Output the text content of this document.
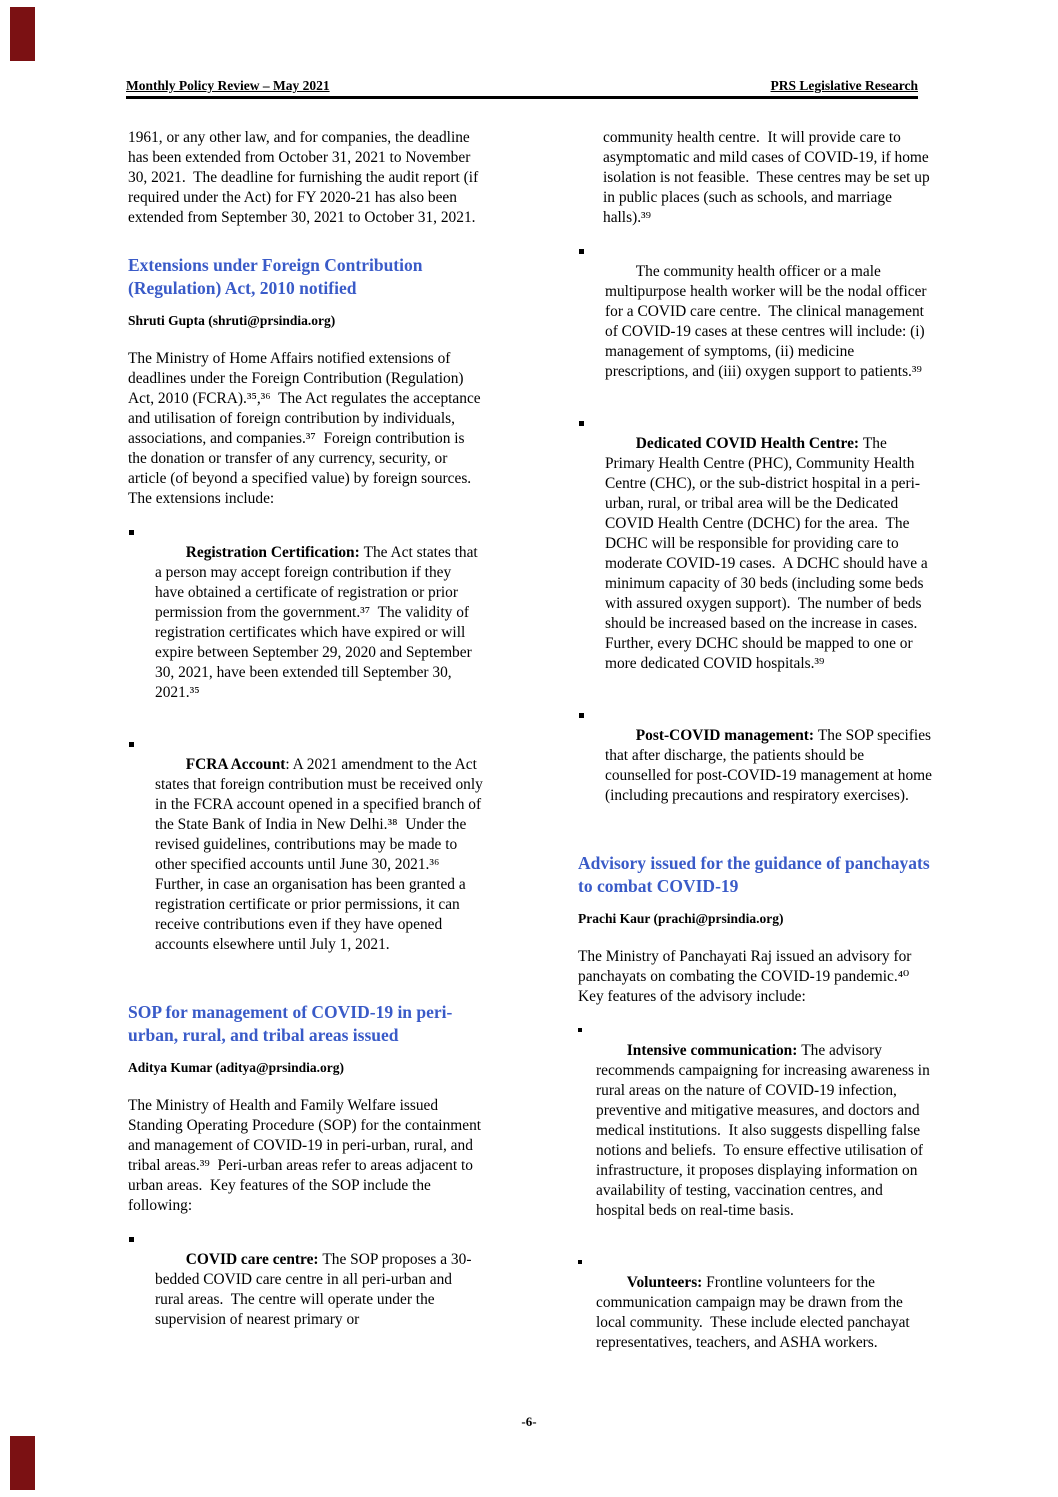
Monthly Policy Review – May 2021	PRS Legislative Research

1961, or any other law, and for companies, the deadline has been extended from October 31, 2021 to November 30, 2021.  The deadline for furnishing the audit report (if required under the Act) for FY 2020-21 has also been extended from September 30, 2021 to October 31, 2021.

Extensions under Foreign Contribution (Regulation) Act, 2010 notified

Shruti Gupta (shruti@prsindia.org)

The Ministry of Home Affairs notified extensions of deadlines under the Foreign Contribution (Regulation) Act, 2010 (FCRA).³⁵,³⁶  The Act regulates the acceptance and utilisation of foreign contribution by individuals, associations, and companies.³⁷  Foreign contribution is the donation or transfer of any currency, security, or article (of beyond a specified value) by foreign sources.  The extensions include:

Registration Certification: The Act states that a person may accept foreign contribution if they have obtained a certificate of registration or prior permission from the government.³⁷  The validity of registration certificates which have expired or will expire between September 29, 2020 and September 30, 2021, have been extended till September 30, 2021.³⁵

FCRA Account: A 2021 amendment to the Act states that foreign contribution must be received only in the FCRA account opened in a specified branch of the State Bank of India in New Delhi.³⁸  Under the revised guidelines, contributions may be made to other specified accounts until June 30, 2021.³⁶  Further, in case an organisation has been granted a registration certificate or prior permissions, it can receive contributions even if they have opened accounts elsewhere until July 1, 2021.

SOP for management of COVID-19 in peri-urban, rural, and tribal areas issued

Aditya Kumar (aditya@prsindia.org)

The Ministry of Health and Family Welfare issued Standing Operating Procedure (SOP) for the containment and management of COVID-19 in peri-urban, rural, and tribal areas.³⁹  Peri-urban areas refer to areas adjacent to urban areas.  Key features of the SOP include the following:

COVID care centre: The SOP proposes a 30-bedded COVID care centre in all peri-urban and rural areas.  The centre will operate under the supervision of nearest primary or

community health centre.  It will provide care to asymptomatic and mild cases of COVID-19, if home isolation is not feasible.  These centres may be set up in public places (such as schools, and marriage halls).³⁹

The community health officer or a male multipurpose health worker will be the nodal officer for a COVID care centre.  The clinical management of COVID-19 cases at these centres will include: (i) management of symptoms, (ii) medicine prescriptions, and (iii) oxygen support to patients.³⁹

Dedicated COVID Health Centre: The Primary Health Centre (PHC), Community Health Centre (CHC), or the sub-district hospital in a peri-urban, rural, or tribal area will be the Dedicated COVID Health Centre (DCHC) for the area.  The DCHC will be responsible for providing care to moderate COVID-19 cases.  A DCHC should have a minimum capacity of 30 beds (including some beds with assured oxygen support).  The number of beds should be increased based on the increase in cases.  Further, every DCHC should be mapped to one or more dedicated COVID hospitals.³⁹

Post-COVID management: The SOP specifies that after discharge, the patients should be counselled for post-COVID-19 management at home (including precautions and respiratory exercises).

Advisory issued for the guidance of panchayats to combat COVID-19

Prachi Kaur (prachi@prsindia.org)

The Ministry of Panchayati Raj issued an advisory for panchayats on combating the COVID-19 pandemic.⁴⁰  Key features of the advisory include:

Intensive communication: The advisory recommends campaigning for increasing awareness in rural areas on the nature of COVID-19 infection, preventive and mitigative measures, and doctors and medical institutions.  It also suggests dispelling false notions and beliefs.  To ensure effective utilisation of infrastructure, it proposes displaying information on availability of testing, vaccination centres, and hospital beds on real-time basis.

Volunteers: Frontline volunteers for the communication campaign may be drawn from the local community.  These include elected panchayat representatives, teachers, and ASHA workers.

-6-
